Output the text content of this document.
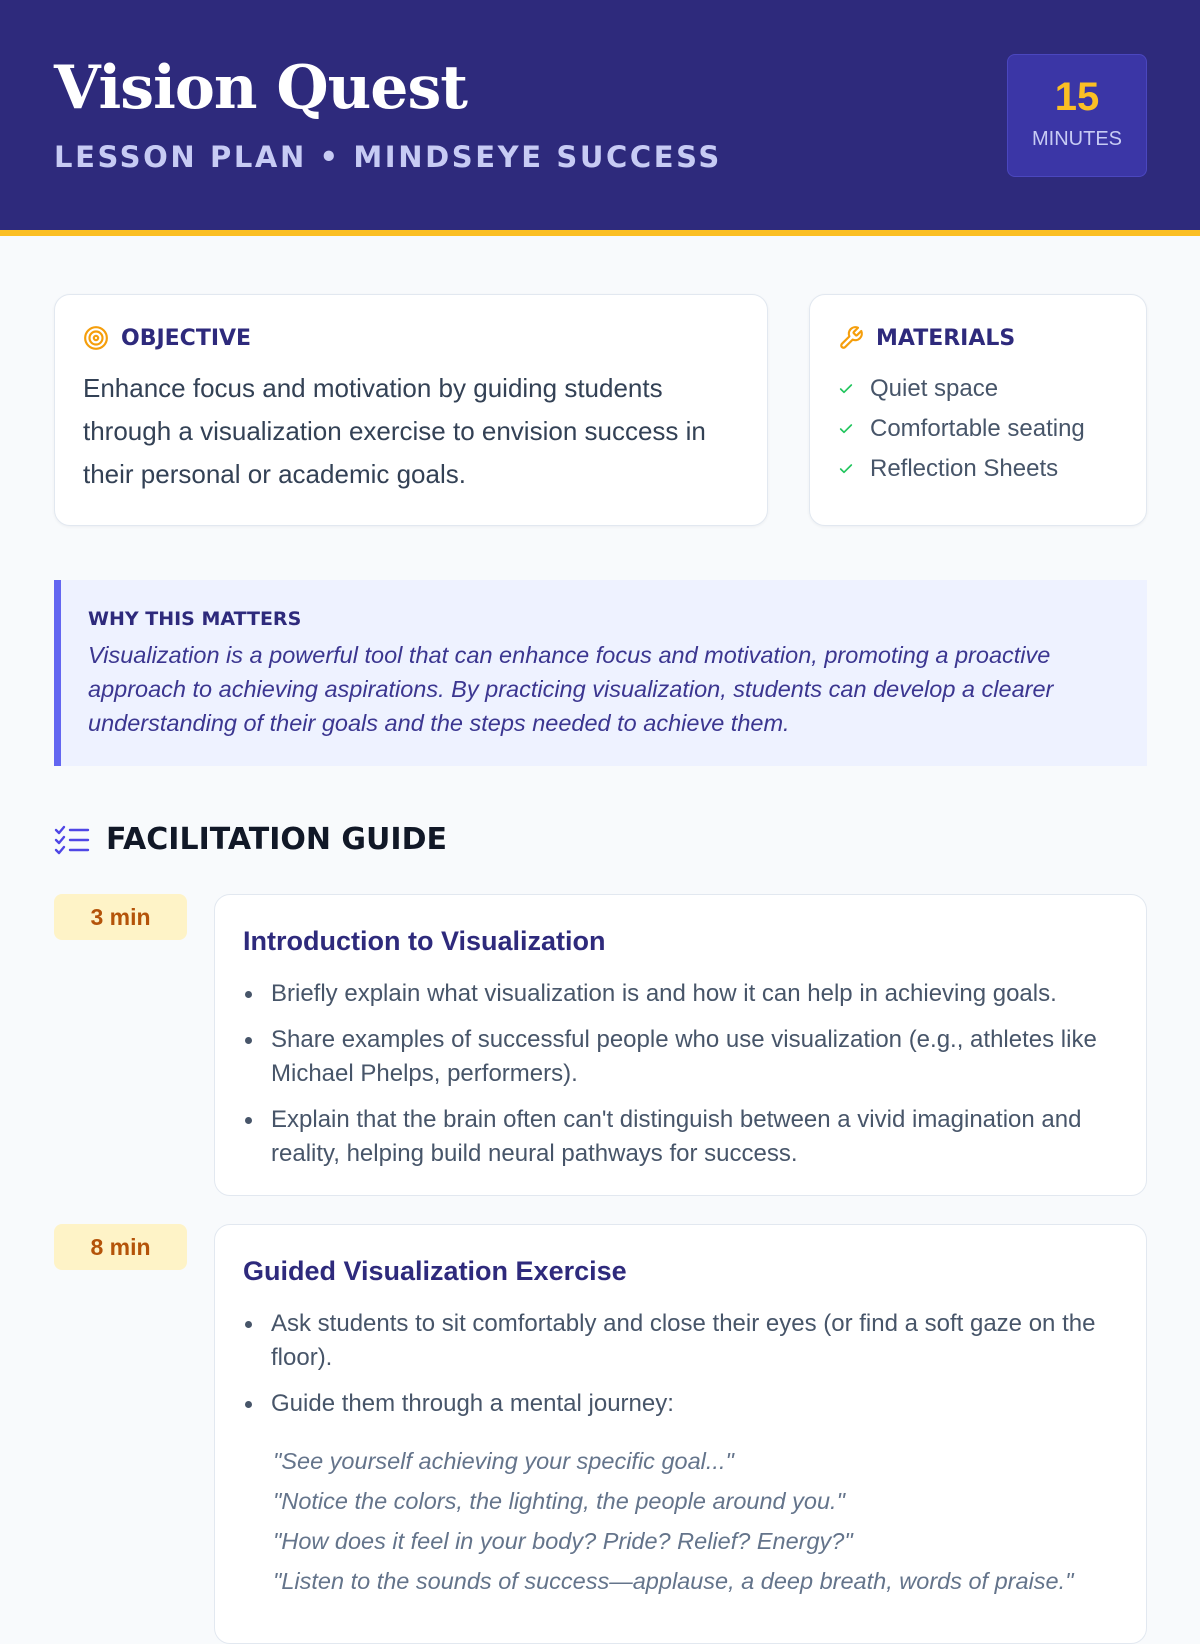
Vision Quest
LESSON PLAN • MINDSEYE SUCCESS
15
MINUTES
OBJECTIVE

Enhance focus and motivation by guiding students through a visualization exercise to envision success in their personal or academic goals.

MATERIALS
Quiet space
Comfortable seating
Reflection Sheets
WHY THIS MATTERS

Visualization is a powerful tool that can enhance focus and motivation, promoting a proactive approach to achieving aspirations. By practicing visualization, students can develop a clearer understanding of their goals and the steps needed to achieve them.

FACILITATION GUIDE
3 min
Introduction to Visualization
Briefly explain what visualization is and how it can help in achieving goals.
Share examples of successful people who use visualization (e.g., athletes like Michael Phelps, performers).
Explain that the brain often can't distinguish between a vivid imagination and reality, helping build neural pathways for success.
8 min
Guided Visualization Exercise
Ask students to sit comfortably and close their eyes (or find a soft gaze on the floor).
Guide them through a mental journey:
"See yourself achieving your specific goal..."
"Notice the colors, the lighting, the people around you."
"How does it feel in your body? Pride? Relief? Energy?"
"Listen to the sounds of success—applause, a deep breath, words of praise."
